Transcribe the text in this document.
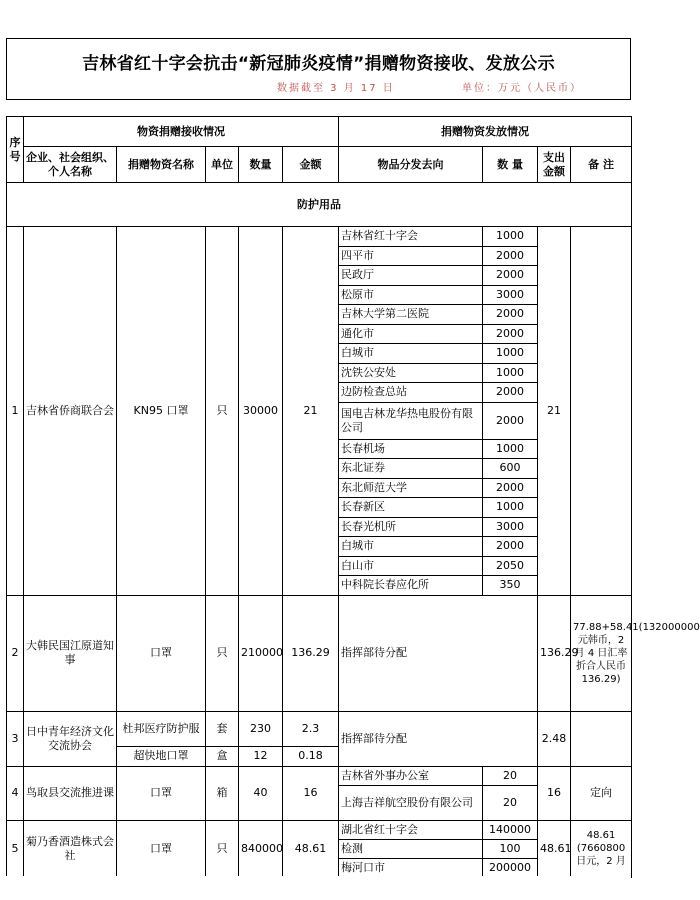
吉林省红十字会抗击“新冠肺炎疫情”捐赠物资接收、发放公示
数据截至 3 月 17 日	单位：万元（人民币）
序号	物资捐赠接收情况					捐赠物资发放情况			
	企业、社会组织、个人名称	捐赠物资名称	单位	数量	金额	物品分发去向	数 量	支出金额	备 注
防护用品									
1	吉林省侨商联合会	KN95 口罩	只	30000	21	吉林省红十字会	1000	21	
						四平市	2000		
						民政厅	2000		
						松原市	3000		
						吉林大学第二医院	2000		
						通化市	2000		
						白城市	1000		
						沈铁公安处	1000		
						边防检查总站	2000		
						国电吉林龙华热电股份有限公司	2000		
						长春机场	1000		
						东北证券	600		
						东北师范大学	2000		
						长春新区	1000		
						长春光机所	3000		
						白城市	2000		
						白山市	2050		
						中科院长春应化所	350		
2	大韩民国江原道知事	口罩	只	210000	136.29	指挥部待分配		136.29	77.88+58.41(132000000 元韩币，2 月 4 日汇率折合人民币 136.29)
3	日中青年经济文化 交流协会	杜邦医疗防护服	套	230	2.3	指挥部待分配		2.48	
		超快地口罩	盒	12	0.18				
4	鸟取县交流推进课	口罩	箱	40	16	吉林省外事办公室	20	16	定向
						上海吉祥航空股份有限公司	20		
5	菊乃香酒造株式会社	口罩	只	840000	48.61	湖北省红十字会	140000	48.61	48.61 (7660800 日元，2 月
						检测	100		
						梅河口市	200000		
